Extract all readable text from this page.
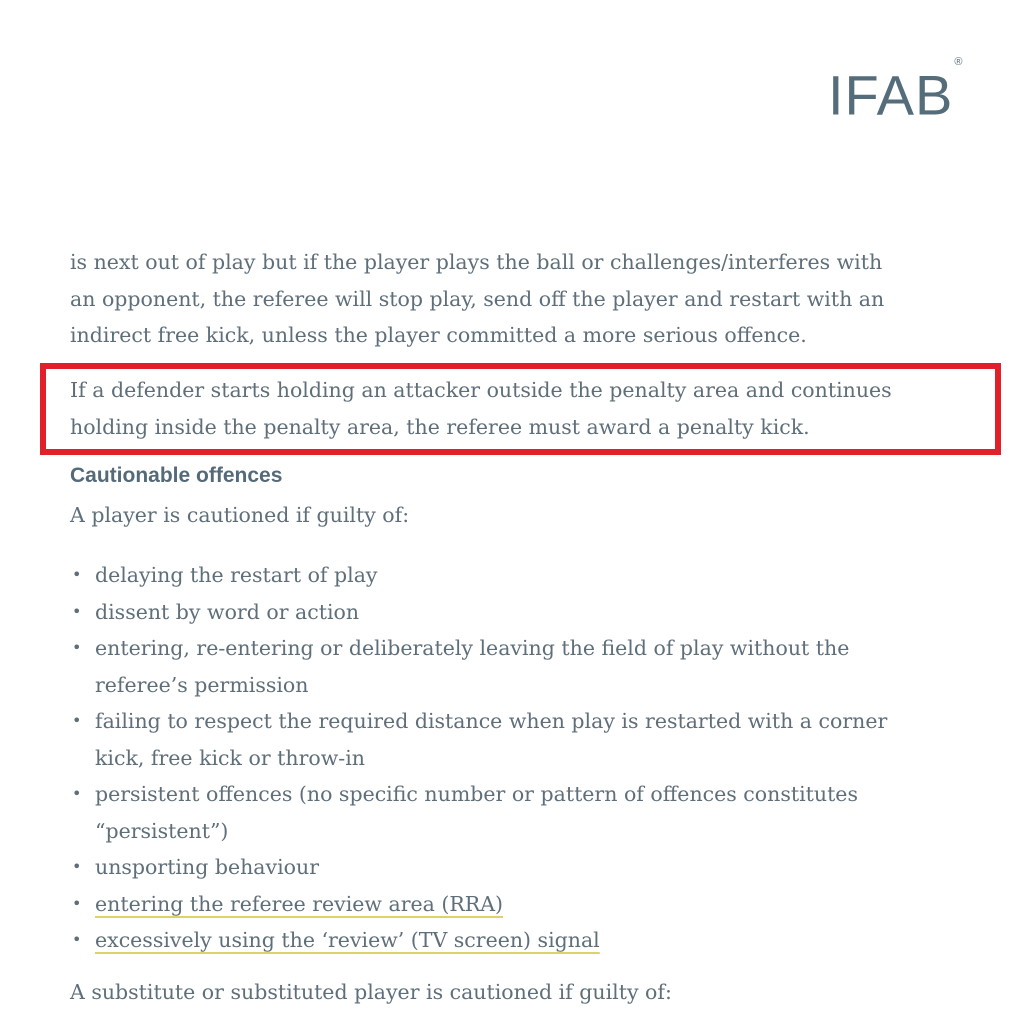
IFAB®

is next out of play but if the player plays the ball or challenges/interferes with
an opponent, the referee will stop play, send off the player and restart with an
indirect free kick, unless the player committed a more serious offence.

If a defender starts holding an attacker outside the penalty area and continues
holding inside the penalty area, the referee must award a penalty kick.

Cautionable offences

A player is cautioned if guilty of:

• delaying the restart of play
• dissent by word or action
• entering, re-entering or deliberately leaving the field of play without the
referee’s permission
• failing to respect the required distance when play is restarted with a corner
kick, free kick or throw-in
• persistent offences (no specific number or pattern of offences constitutes
“persistent”)
• unsporting behaviour
• entering the referee review area (RRA)
• excessively using the ‘review’ (TV screen) signal

A substitute or substituted player is cautioned if guilty of:
